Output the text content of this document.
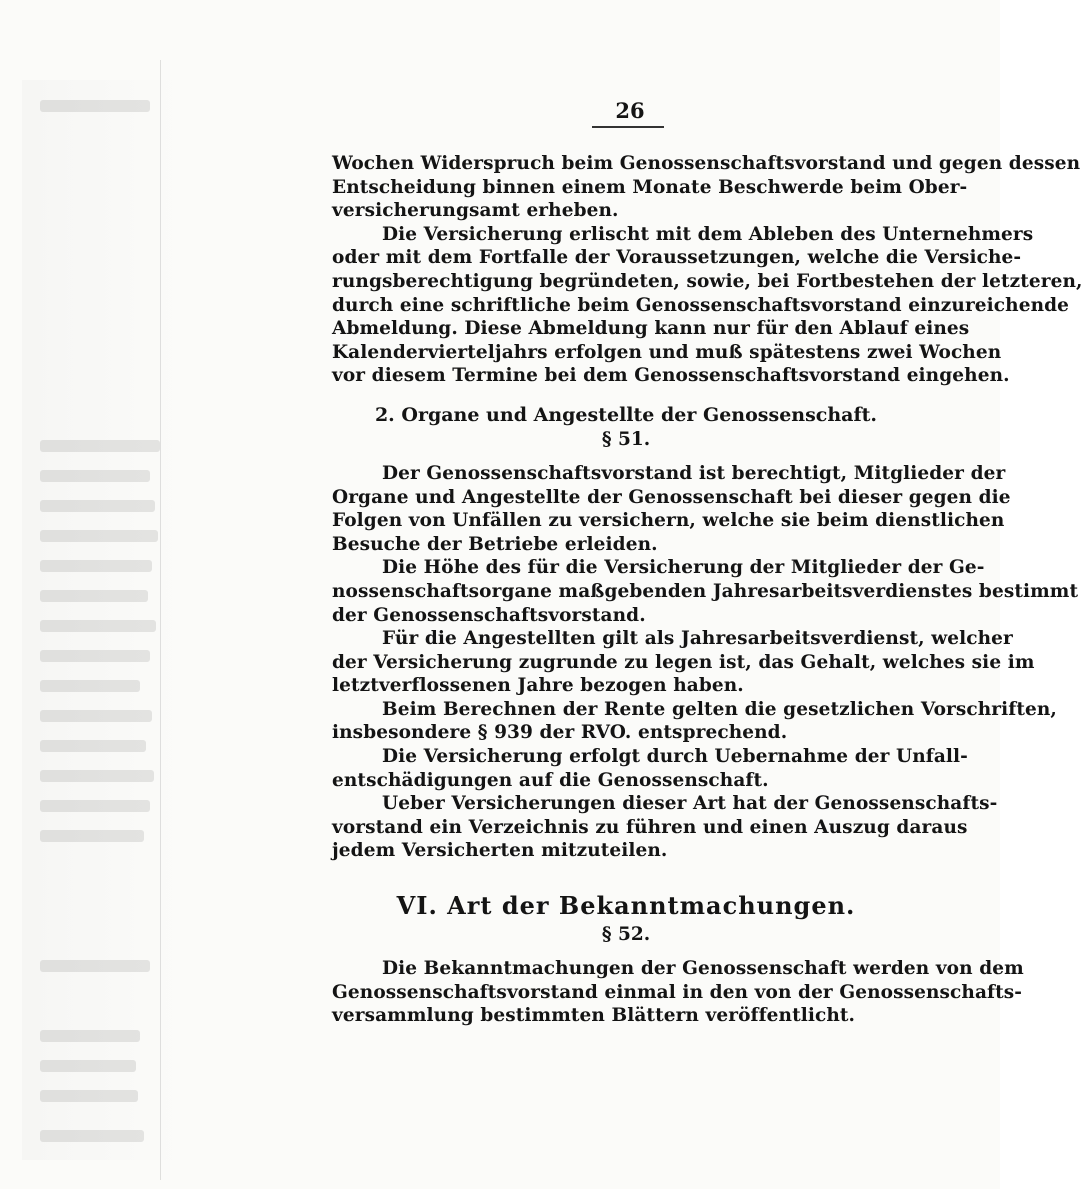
26
Wochen Widerspruch beim Genossenschaftsvorstand und gegen dessen
Entscheidung binnen einem Monate Beschwerde beim Ober-
versicherungsamt erheben.
Die Versicherung erlischt mit dem Ableben des Unternehmers
oder mit dem Fortfalle der Voraussetzungen, welche die Versiche-
rungsberechtigung begründeten, sowie, bei Fortbestehen der letzteren,
durch eine schriftliche beim Genossenschaftsvorstand einzureichende
Abmeldung. Diese Abmeldung kann nur für den Ablauf eines
Kalendervierteljahrs erfolgen und muß spätestens zwei Wochen
vor diesem Termine bei dem Genossenschaftsvorstand eingehen.
2. Organe und Angestellte der Genossenschaft.
§ 51.
Der Genossenschaftsvorstand ist berechtigt, Mitglieder der
Organe und Angestellte der Genossenschaft bei dieser gegen die
Folgen von Unfällen zu versichern, welche sie beim dienstlichen
Besuche der Betriebe erleiden.
Die Höhe des für die Versicherung der Mitglieder der Ge-
nossenschaftsorgane maßgebenden Jahresarbeitsverdienstes bestimmt
der Genossenschaftsvorstand.
Für die Angestellten gilt als Jahresarbeitsverdienst, welcher
der Versicherung zugrunde zu legen ist, das Gehalt, welches sie im
letztverflossenen Jahre bezogen haben.
Beim Berechnen der Rente gelten die gesetzlichen Vorschriften,
insbesondere § 939 der RVO. entsprechend.
Die Versicherung erfolgt durch Uebernahme der Unfall-
entschädigungen auf die Genossenschaft.
Ueber Versicherungen dieser Art hat der Genossenschafts-
vorstand ein Verzeichnis zu führen und einen Auszug daraus
jedem Versicherten mitzuteilen.
VI. Art der Bekanntmachungen.
§ 52.
Die Bekanntmachungen der Genossenschaft werden von dem
Genossenschaftsvorstand einmal in den von der Genossenschafts-
versammlung bestimmten Blättern veröffentlicht.
